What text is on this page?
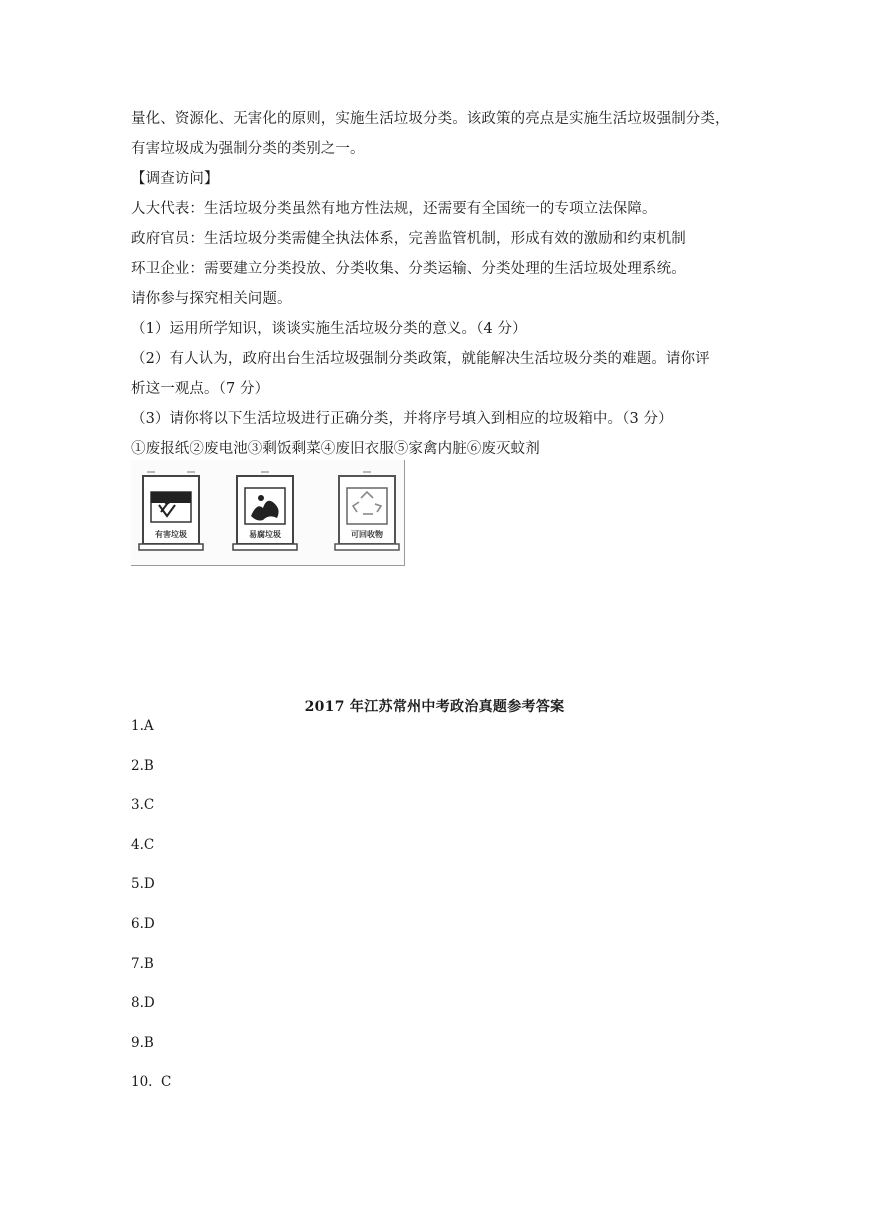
量化、资源化、无害化的原则，实施生活垃圾分类。该政策的亮点是实施生活垃圾强制分类，
有害垃圾成为强制分类的类别之一。
【调查访问】
人大代表：生活垃圾分类虽然有地方性法规，还需要有全国统一的专项立法保障。
政府官员：生活垃圾分类需健全执法体系，完善监管机制，形成有效的激励和约束机制
环卫企业：需要建立分类投放、分类收集、分类运输、分类处理的生活垃圾处理系统。
请你参与探究相关问题。
（1）运用所学知识，谈谈实施生活垃圾分类的意义。（4 分）
（2）有人认为，政府出台生活垃圾强制分类政策，就能解决生活垃圾分类的难题。请你评
析这一观点。（7 分）
（3）请你将以下生活垃圾进行正确分类，并将序号填入到相应的垃圾箱中。（3 分）
①废报纸②废电池③剩饭剩菜④废旧衣服⑤家禽内脏⑥废灭蚊剂
有害垃圾	易腐垃圾	可回收物
2017 年江苏常州中考政治真题参考答案
1.A
2.B
3.C
4.C
5.D
6.D
7.B
8.D
9.B
10.  C
